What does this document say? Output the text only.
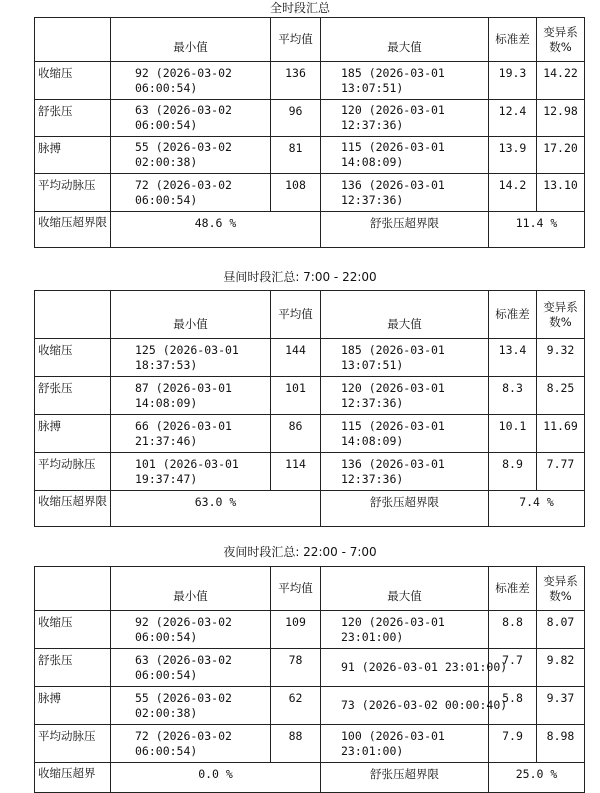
全时段汇总
	最小值	平均值	最大值	标准差	变异系数%
收缩压	92 (2026-03-02
06:00:54)	136	185 (2026-03-01
13:07:51)	19.3	14.22
舒张压	63 (2026-03-02
06:00:54)	96	120 (2026-03-01
12:37:36)	12.4	12.98
脉搏	55 (2026-03-02
02:00:38)	81	115 (2026-03-01
14:08:09)	13.9	17.20
平均动脉压	72 (2026-03-02
06:00:54)	108	136 (2026-03-01
12:37:36)	14.2	13.10
收缩压超界限	48.6 %		舒张压超界限	11.4 %	
昼间时段汇总: 7:00 - 22:00
	最小值	平均值	最大值	标准差	变异系数%
收缩压	125 (2026-03-01
18:37:53)	144	185 (2026-03-01
13:07:51)	13.4	9.32
舒张压	87 (2026-03-01
14:08:09)	101	120 (2026-03-01
12:37:36)	8.3	8.25
脉搏	66 (2026-03-01
21:37:46)	86	115 (2026-03-01
14:08:09)	10.1	11.69
平均动脉压	101 (2026-03-01
19:37:47)	114	136 (2026-03-01
12:37:36)	8.9	7.77
收缩压超界限	63.0 %		舒张压超界限	7.4 %	
夜间时段汇总: 22:00 - 7:00
	最小值	平均值	最大值	标准差	变异系数%
收缩压	92 (2026-03-02
06:00:54)	109	120 (2026-03-01
23:01:00)	8.8	8.07
舒张压	63 (2026-03-02
06:00:54)	78	91 (2026-03-01 23:01:00)	7.7	9.82
脉搏	55 (2026-03-02
02:00:38)	62	73 (2026-03-02 00:00:40)	5.8	9.37
平均动脉压	72 (2026-03-02
06:00:54)	88	100 (2026-03-01
23:01:00)	7.9	8.98
收缩压超界	0.0 %		舒张压超界限	25.0 %	
